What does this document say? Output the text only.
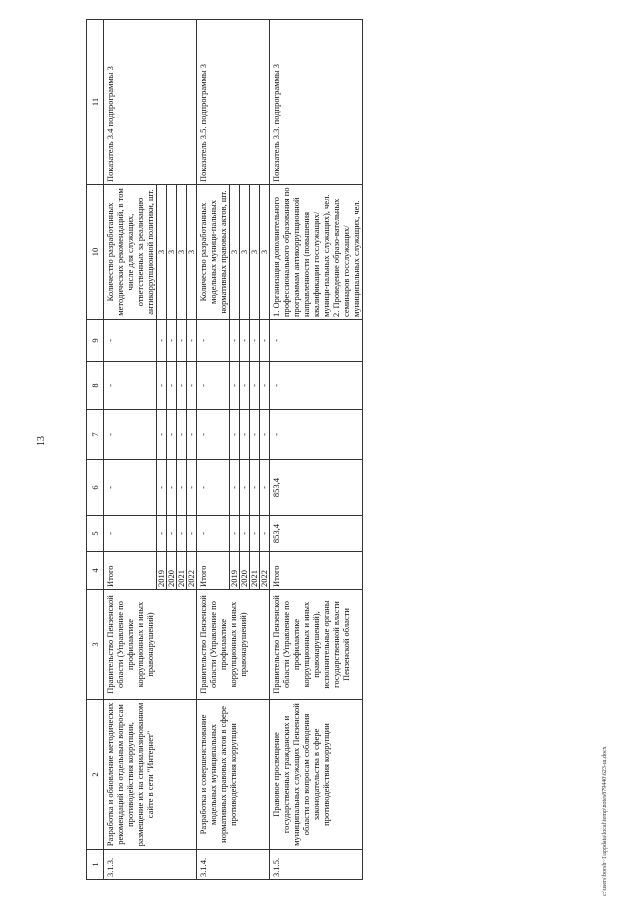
13
1	2	3	4	5	6	7	8	9	10	11
3.1.3.	Разработка и обновление методических рекомендаций по отдельным вопросам противодействия коррупции, размещение их на специализированном сайте в сети "Интернет"	Правительство Пензенской области (Управление по профилактике коррупционных и иных правонарушений)	Итого	-	-	-	-	-	Количество разработанных методических рекомендаций, в том числе для служащих, ответственных за реализацию антикоррупционной политики, шт.	Показатель 3.4 подпрограммы 3
			2019	-	-	-	-	-	3	
			2020	-	-	-	-	-	3	
			2021	-	-	-	-	-	3	
			2022	-	-	-	-	-	3	
3.1.4.	Разработка и совершенствование модельных муниципальных нормативных правовых актов в сфере противодействия коррупции	Правительство Пензенской области (Управление по профилактике коррупционных и иных правонарушений)	Итого	-	-	-	-	-	Количество разработанных модельных муници-пальных нормативных правовых актов, шт.	Показатель 3.5. подпрограммы 3
			2019	-	-	-	-	-	3	
			2020	-	-	-	-	-	3	
			2021	-	-	-	-	-	3	
			2022	-	-	-	-	-	3	
3.1.5.	Правовое просвещение государственных гражданских и муниципальных служащих Пензенской области по вопросам соблюдения законодательства в сфере противодействия коррупции	Правительство Пензенской области (Управление по профилактике коррупционных и иных правонарушений), исполнительные органы государственной власти Пензенской области	Итого	853,4	853,4	-	-	-	1. Организация дополнительного профессионального образования по программам антикоррупционной направленности (повышения квалификации госслужащих/муници-пальных служащих), чел. 2. Проведение образо-вательных семинаров госслужащих/ муниципальных служащих, чел.	Показатель 3.3. подпрограммы 3
c:\users\borsh~1\appdata\local\temp\notes879440\623-ш.docx
